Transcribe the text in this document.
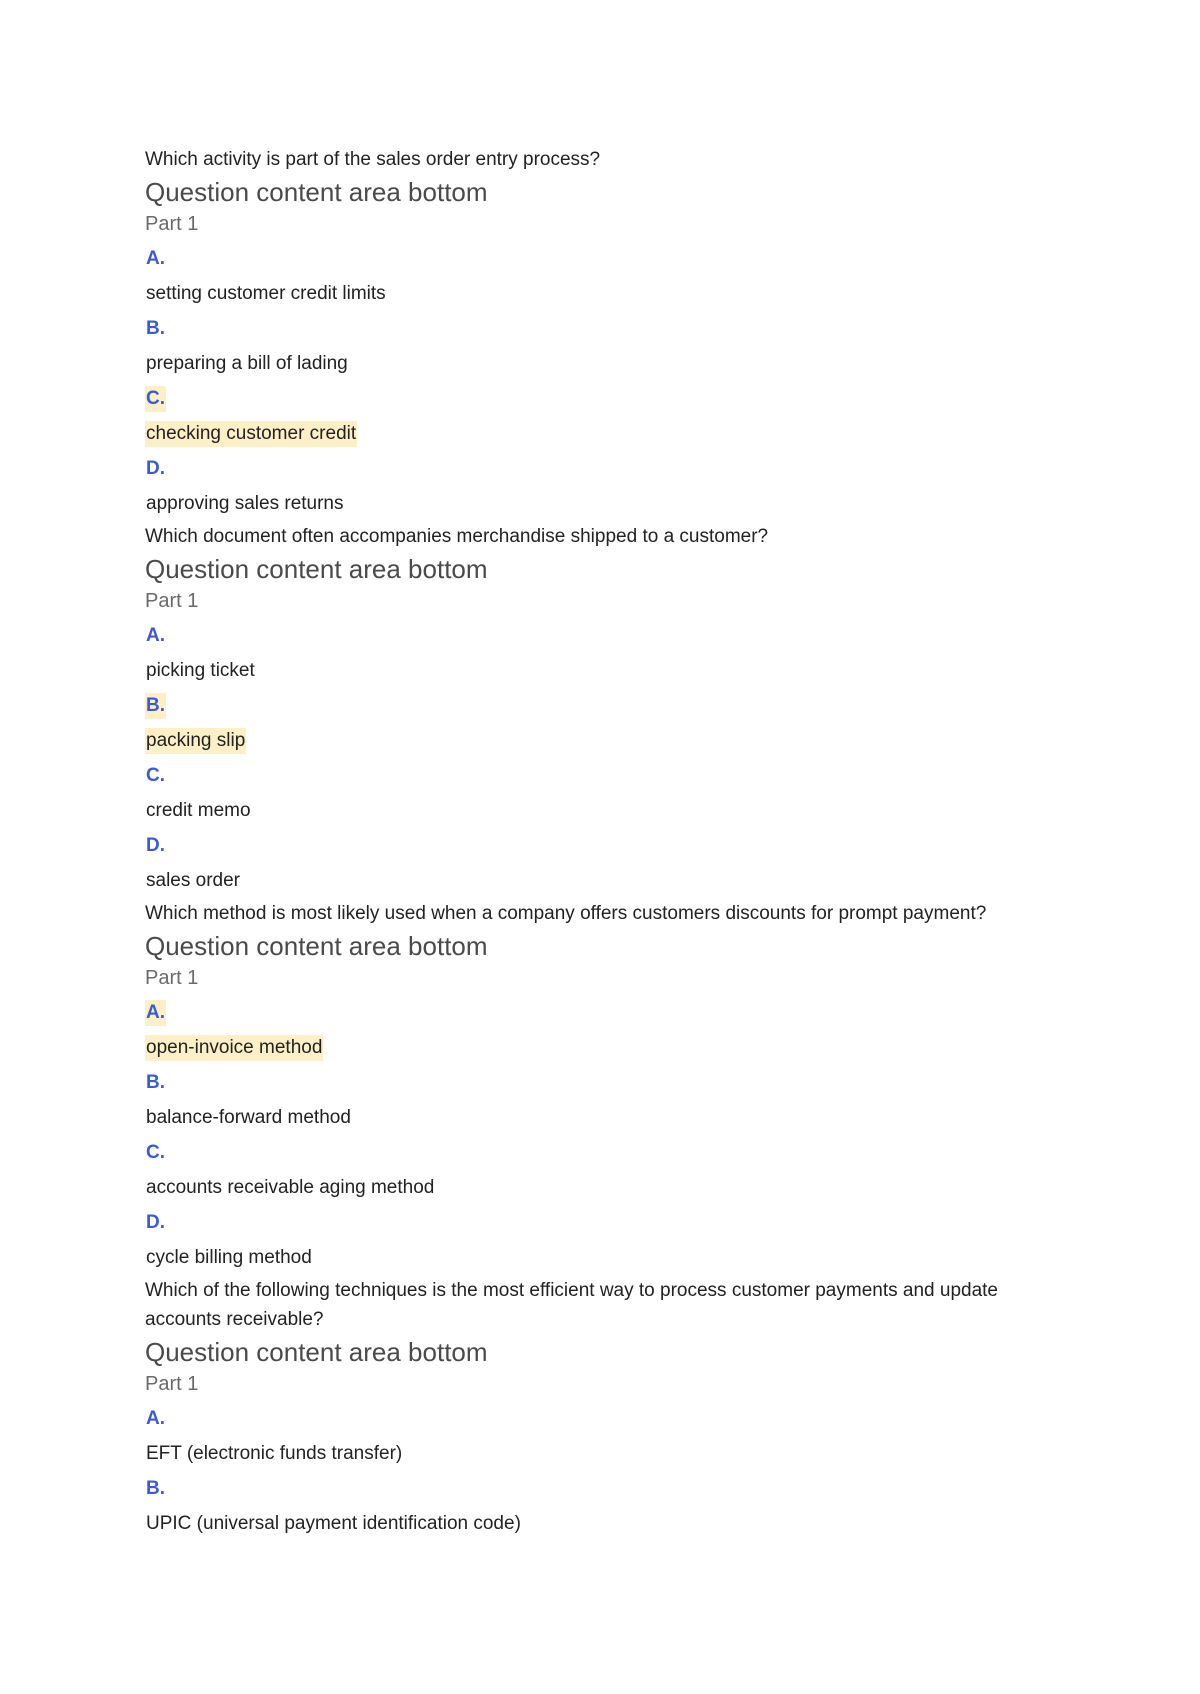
Which activity is part of the sales order entry process?

Question content area bottom

Part 1

A.
setting customer credit limits
B.
preparing a bill of lading
C.
checking customer credit
D.
approving sales returns

Which document often accompanies merchandise shipped to a customer?

Question content area bottom

Part 1

A.
picking ticket
B.
packing slip
C.
credit memo
D.
sales order

Which method is most likely used when a company offers customers discounts for prompt payment?

Question content area bottom

Part 1

A.
open-invoice method
B.
balance-forward method
C.
accounts receivable aging method
D.
cycle billing method

Which of the following techniques is the most efficient way to process customer payments and update accounts receivable?

Question content area bottom

Part 1

A.
EFT (electronic funds transfer)
B.
UPIC (universal payment identification code)
